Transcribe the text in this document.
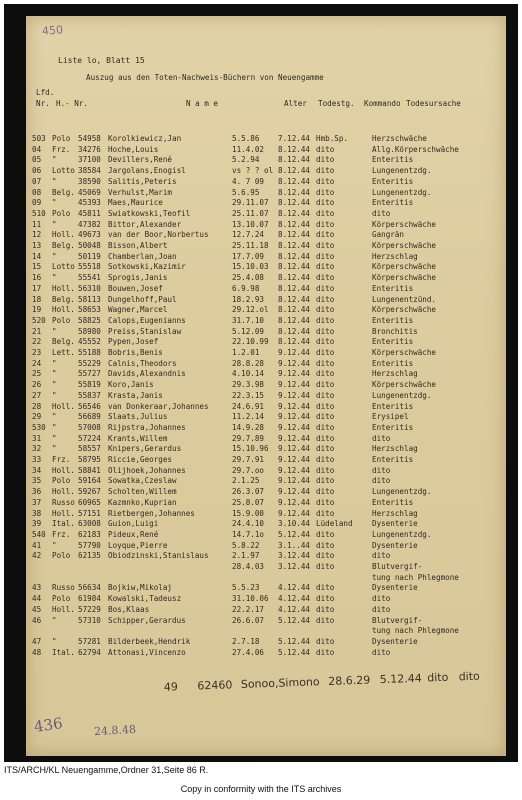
450
Liste lo, Blatt 15
Auszug aus den Toten-Nachweis-Büchern von Neuengamme
Lfd.
Nr. H.- Nr.	N a m e	Alter Todestg. Kommando Todesursache
503 Polo 54958 Korolkiewicz,Jan	5.5.86 7.12.44 Hmb.Sp.	Herzschwäche
04 Frz. 34276 Hoche,Louis	11.4.02 8.12.44 dito	Allg.Körperschwäche
05 "	37100 Devillers,René	5.2.94 8.12.44 dito	Enteritis
06 Lotto 38584 Jargolans,Enogisl	vs ? ? ol 8.12.44 dito	Lungenentzdg.
07 "	38590 Salitis,Peteris	4. 7 09 8.12.44 dito	Enteritis
08 Belg. 45069 Verhulst,Marim	5.6.95 8.12.44 dito	Lungenentzdg.
09 "	45393 Maes,Maurice	29.11.07 8.12.44 dito	Enteritis
510 Polo 45811 Swiatkowski,Teofil	25.11.07 8.12.44 dito	dito
11 "	47382 Bittor,Alexander	13.10.07 8.12.44 dito	Körperschwäche
12 Holl. 49673 van der Boor,Norbertus	12.7.24 8.12.44 dito	Gangrän
13 Belg. 50048 Bisson,Albert	25.11.18 8.12.44 dito	Körperschwäche
14 "	50119 Chamberlan,Joan	17.7.09 8.12.44 dito	Herzschlag
15 Lotto 55518 Sotkowski,Kazimir	15.10.03 8.12.44 dito	Körperschwäche
16 "	55541 Sprogis,Janis	25.4.08 8.12.44 dito	Körperschwäche
17 Holl. 56310 Bouwen,Josef	6.9.98 8.12.44 dito	Enteritis
18 Belg. 58113 Dungelhoff,Paul	18.2.93 8.12.44 dito	Lungenentzünd.
19 Holl. 58653 Wagner,Marcel	29.12.ol 8.12.44 dito	Körperschwäche
520 Polo 58825 Calops,Eugenianns	31.7.10 8.12.44 dito	Enteritis
21 "	58980 Preiss,Stanislaw	5.12.09 8.12.44 dito	Bronchitis
22 Belg. 45552 Pypen,Josef	22.10.99 8.12.44 dito	Enteritis
23 Lett. 55188 Bobris,Benis	1.2.01 9.12.44 dito	Körperschwäche
24 "	55229 Calnis,Theodors	28.8.28 9.12.44 dito	Enteritis
25 "	55727 Davids,Alexandnis	4.10.14 9.12.44 dito	Herzschlag
26 "	55819 Koro,Janis	29.3.98 9.12.44 dito	Körperschwäche
27 "	55837 Krasta,Janis	22.3.15 9.12.44 dito	Lungenentzdg.
28 Holl. 56546 van Donkeraar,Johannes	24.6.91 9.12.44 dito	Enteritis
29 "	56689 Slaats,Julius	11.2.14 9.12.44 dito	Erysipel
530 "	57008 Rijpstra,Johannes	14.9.28 9.12.44 dito	Enteritis
31 "	57224 Krants,Willem	29.7.89 9.12.44 dito	dito
32 "	58557 Knipers,Gerardus	15.10.96 9.12.44 dito	Herzschlag
33 Frz. 58795 Riccie,Georges	29.7.91 9.12.44 dito	Enteritis
34 Holl. 58841 Olijhoek,Johannes	29.7.oo 9.12.44 dito	dito
35 Polo 59164 Sowatka,Czeslaw	2.1.25 9.12.44 dito	dito
36 Holl. 59267 Scholten,Willem	26.3.07 9.12.44 dito	Lungenentzdg.
37 Russo 60965 Kazmnko,Kuprian	25.8.07 9.12.44 dito	Enteritis
38 Holl. 57151 Rietbergen,Johannes	15.9.00 9.12.44 dito	Herzschlag
39 Ital. 63008 Guion,Luigi	24.4.10 3.10.44 Lüdeland	Dysenterie
540 Frz. 62183 Pideux,René	14.7.1o 5.12.44 dito	Lungenentzdg.
41 "	57790 Loyque,Pierre	5.8.22 3.1..44 dito	Dysenterie
42 Polo 62135 Obiodzinski,Stanislaus	2.1.97 3.12.44 dito	dito
28.4.03 3.12.44 dito	Blutvergif-
tung nach Phlegmone
43 Russo 56634 Bojkiw,Mikolaj	5.5.23 4.12.44 dito	Dysenterie
44 Polo 61984 Kowalski,Tadeusz	31.10.06 4.12.44 dito	dito
45 Holl. 57229 Bos,Klaas	22.2.17 4.12.44 dito	dito
46 "	57310 Schipper,Gerardus	26.6.07 5.12.44 dito	Blutvergif-
tung nach Phlegmone
47 "	57281 Bilderbeek,Hendrik	2.7.18 5.12.44 dito	Dysenterie
48 Ital. 62794 Attonasi,Vincenzo	27.4.06 5.12.44 dito	dito
49 62460 Sonoo,Simono 28.6.29 5.12.44 dito dito
436	24.8.48
ITS/ARCH/KL Neuengamme,Ordner 31,Seite 86 R.
Copy in conformity with the ITS archives
